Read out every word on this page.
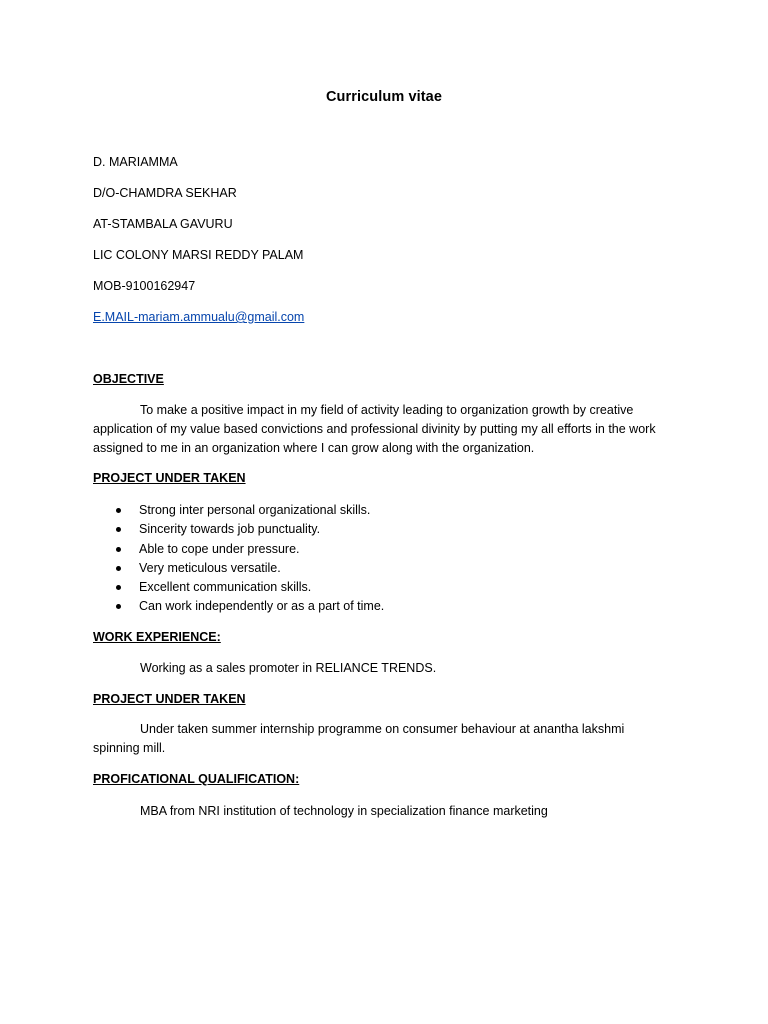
Curriculum vitae
D. MARIAMMA
D/O-CHAMDRA SEKHAR
AT-STAMBALA GAVURU
LIC COLONY MARSI REDDY PALAM
MOB-9100162947
E.MAIL-mariam.ammualu@gmail.com
OBJECTIVE
To make a positive impact in my field of activity leading to organization growth by creative application of my value based convictions and professional divinity by putting my all efforts in the work assigned to me in an organization where I can grow along with the organization.
PROJECT UNDER TAKEN
Strong inter personal organizational skills.
Sincerity towards job punctuality.
Able to cope under pressure.
Very meticulous versatile.
Excellent communication skills.
Can work independently or as a part of time.
WORK EXPERIENCE:
Working as a sales promoter in RELIANCE TRENDS.
PROJECT UNDER TAKEN
Under taken summer internship programme on consumer behaviour at anantha lakshmi spinning mill.
PROFICATIONAL QUALIFICATION:
MBA from NRI institution of technology in specialization finance marketing
